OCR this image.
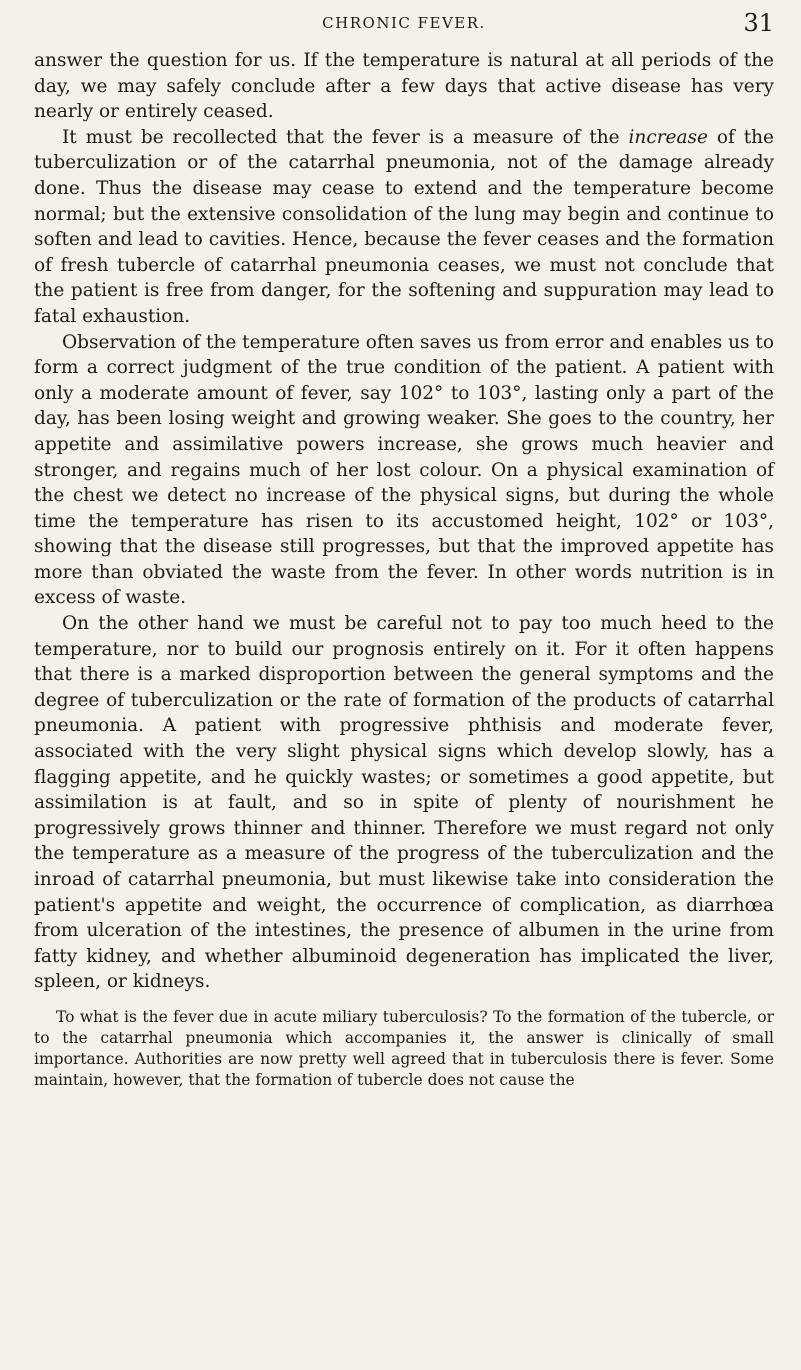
CHRONIC FEVER.	31

answer the question for us. If the temperature is natural at all periods of the day, we may safely conclude after a few days that active disease has very nearly or entirely ceased.

It must be recollected that the fever is a measure of the increase of the tuberculization or of the catarrhal pneumonia, not of the damage already done. Thus the disease may cease to extend and the temperature become normal; but the extensive consolidation of the lung may begin and continue to soften and lead to cavities. Hence, because the fever ceases and the formation of fresh tubercle of catarrhal pneumonia ceases, we must not conclude that the patient is free from danger, for the softening and suppuration may lead to fatal exhaustion.

Observation of the temperature often saves us from error and enables us to form a correct judgment of the true condition of the patient. A patient with only a moderate amount of fever, say 102° to 103°, lasting only a part of the day, has been losing weight and growing weaker. She goes to the country, her appetite and assimilative powers increase, she grows much heavier and stronger, and regains much of her lost colour. On a physical examination of the chest we detect no increase of the physical signs, but during the whole time the temperature has risen to its accustomed height, 102° or 103°, showing that the disease still progresses, but that the improved appetite has more than obviated the waste from the fever. In other words nutrition is in excess of waste.

On the other hand we must be careful not to pay too much heed to the temperature, nor to build our prognosis entirely on it. For it often happens that there is a marked disproportion between the general symptoms and the degree of tuberculization or the rate of formation of the products of catarrhal pneumonia. A patient with progressive phthisis and moderate fever, associated with the very slight physical signs which develop slowly, has a flagging appetite, and he quickly wastes; or sometimes a good appetite, but assimilation is at fault, and so in spite of plenty of nourishment he progressively grows thinner and thinner. Therefore we must regard not only the temperature as a measure of the progress of the tuberculization and the inroad of catarrhal pneumonia, but must likewise take into consideration the patient's appetite and weight, the occurrence of complication, as diarrhœa from ulceration of the intestines, the presence of albumen in the urine from fatty kidney, and whether albuminoid degeneration has implicated the liver, spleen, or kidneys.

To what is the fever due in acute miliary tuberculosis? To the formation of the tubercle, or to the catarrhal pneumonia which accompanies it, the answer is clinically of small importance. Authorities are now pretty well agreed that in tuberculosis there is fever. Some maintain, however, that the formation of tubercle does not cause the
